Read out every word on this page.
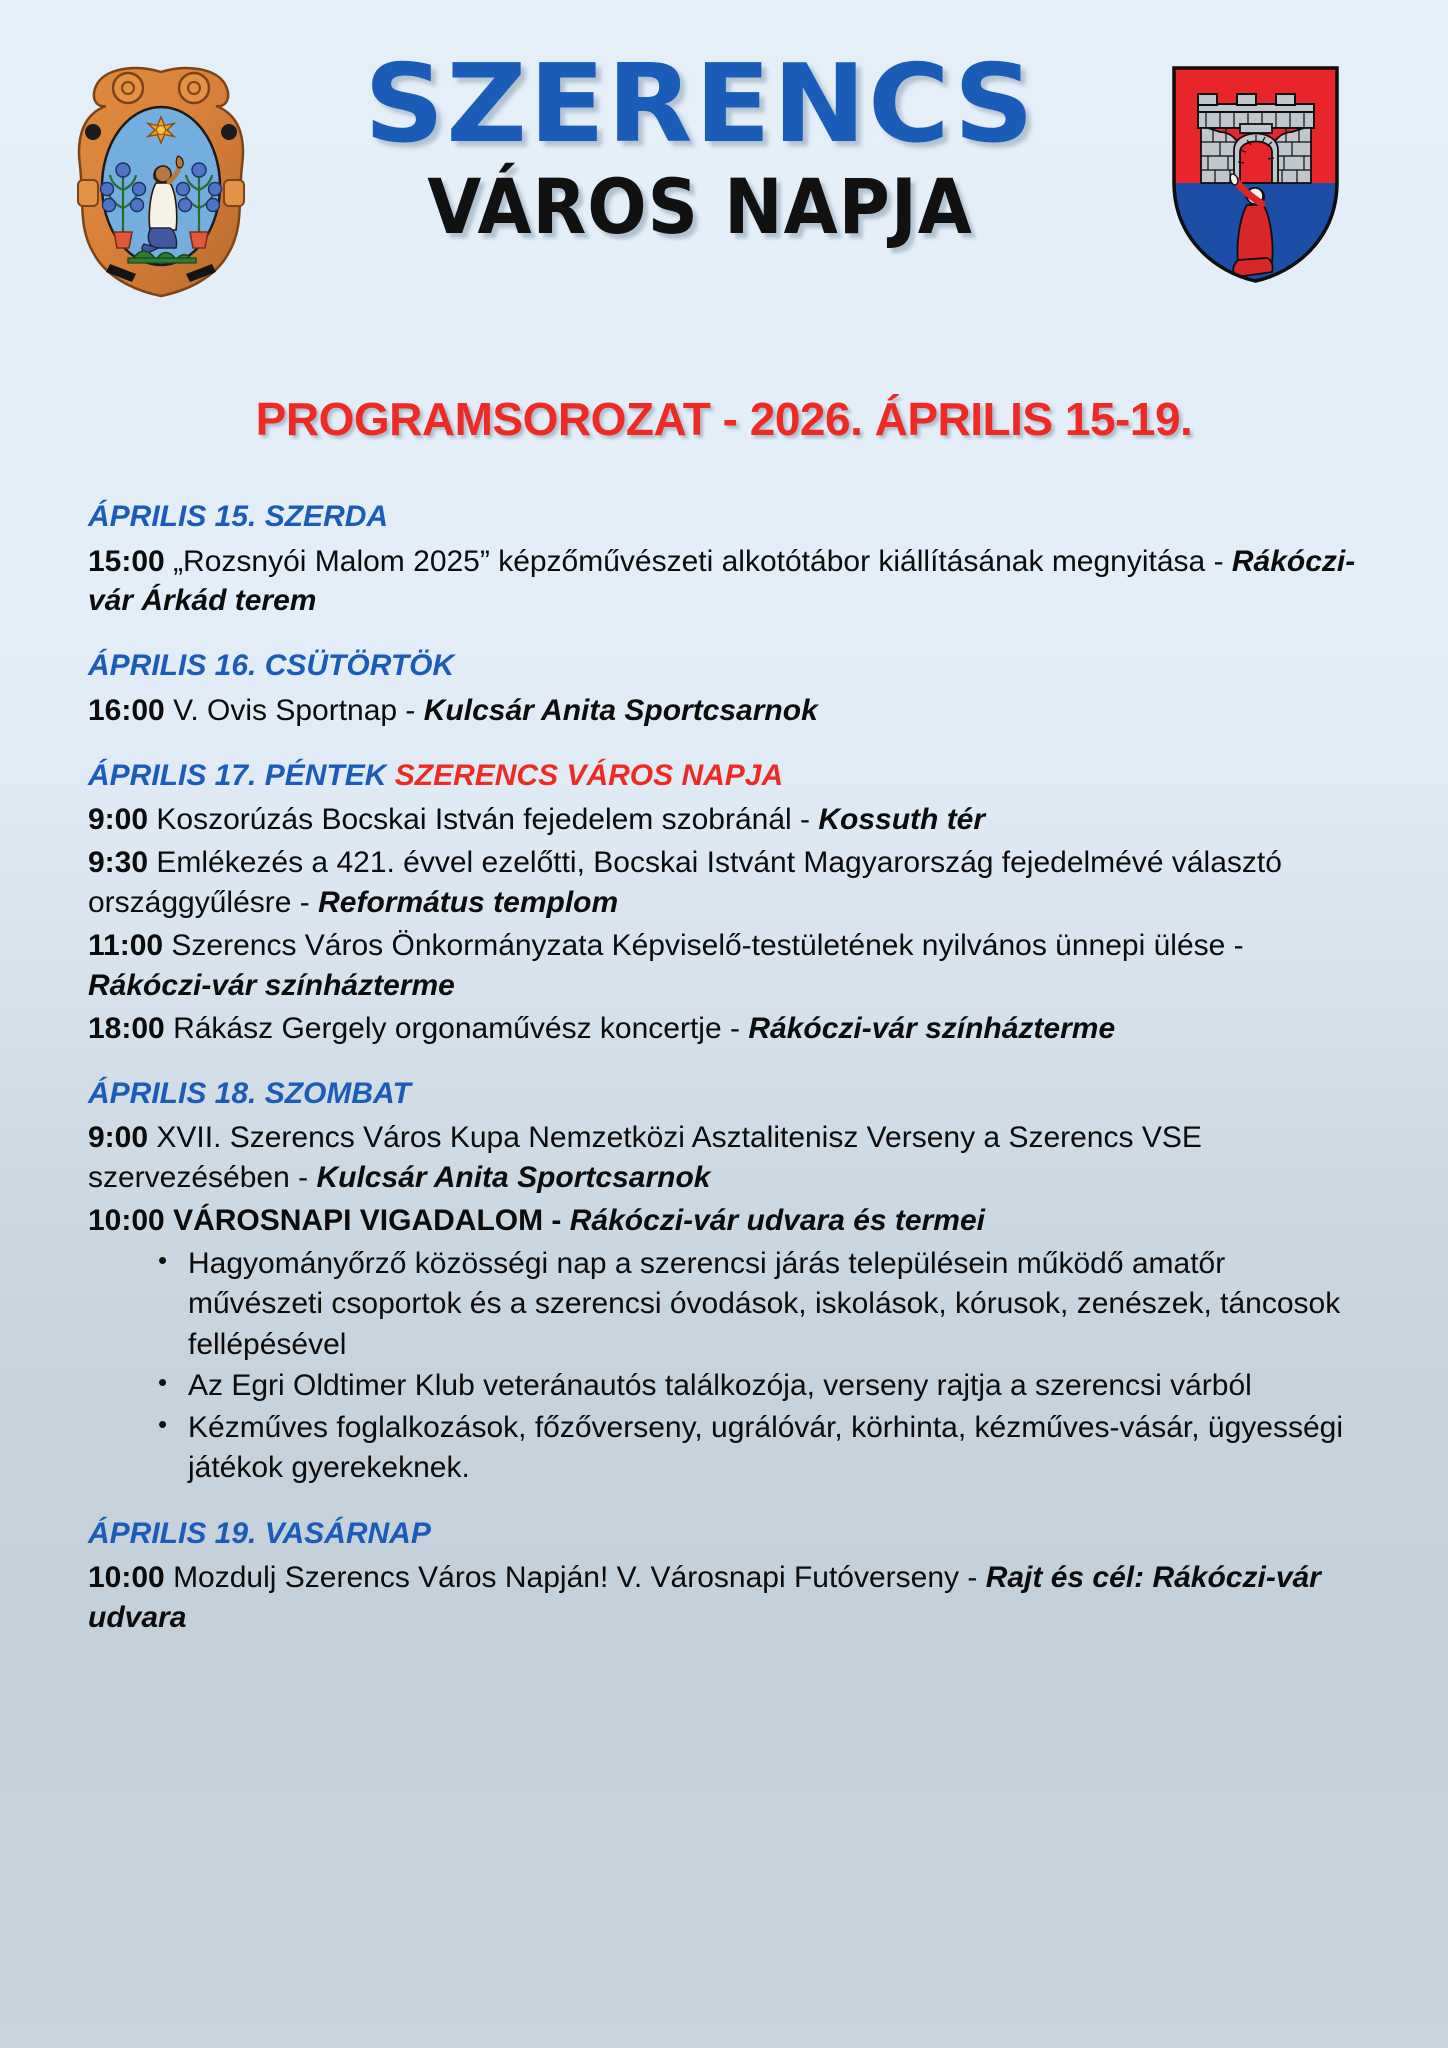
SZERENCS
VÁROS NAPJA
PROGRAMSOROZAT - 2026. ÁPRILIS 15-19.
ÁPRILIS 15. SZERDA

15:00 „Rozsnyói Malom 2025” képzőművészeti alkotótábor kiállításának megnyitása - Rákóczi-vár Árkád terem

ÁPRILIS 16. CSÜTÖRTÖK

16:00 V. Ovis Sportnap - Kulcsár Anita Sportcsarnok

ÁPRILIS 17. PÉNTEK SZERENCS VÁROS NAPJA

9:00 Koszorúzás Bocskai István fejedelem szobránál - Kossuth tér

9:30 Emlékezés a 421. évvel ezelőtti, Bocskai Istvánt Magyarország fejedelmévé választó országgyűlésre - Református templom

11:00 Szerencs Város Önkormányzata Képviselő-testületének nyilvános ünnepi ülése - Rákóczi-vár színházterme

18:00 Rákász Gergely orgonaművész koncertje - Rákóczi-vár színházterme

ÁPRILIS 18. SZOMBAT

9:00 XVII. Szerencs Város Kupa Nemzetközi Asztalitenisz Verseny a Szerencs VSE szervezésében - Kulcsár Anita Sportcsarnok

10:00 VÁROSNAPI VIGADALOM - Rákóczi-vár udvara és termei

• Hagyományőrző közösségi nap a szerencsi járás településein működő amatőr művészeti csoportok és a szerencsi óvodások, iskolások, kórusok, zenészek, táncosok fellépésével
• Az Egri Oldtimer Klub veteránautós találkozója, verseny rajtja a szerencsi várból
• Kézműves foglalkozások, főzőverseny, ugrálóvár, körhinta, kézműves-vásár, ügyességi játékok gyerekeknek.
ÁPRILIS 19. VASÁRNAP

10:00 Mozdulj Szerencs Város Napján! V. Városnapi Futóverseny - Rajt és cél: Rákóczi-vár udvara
